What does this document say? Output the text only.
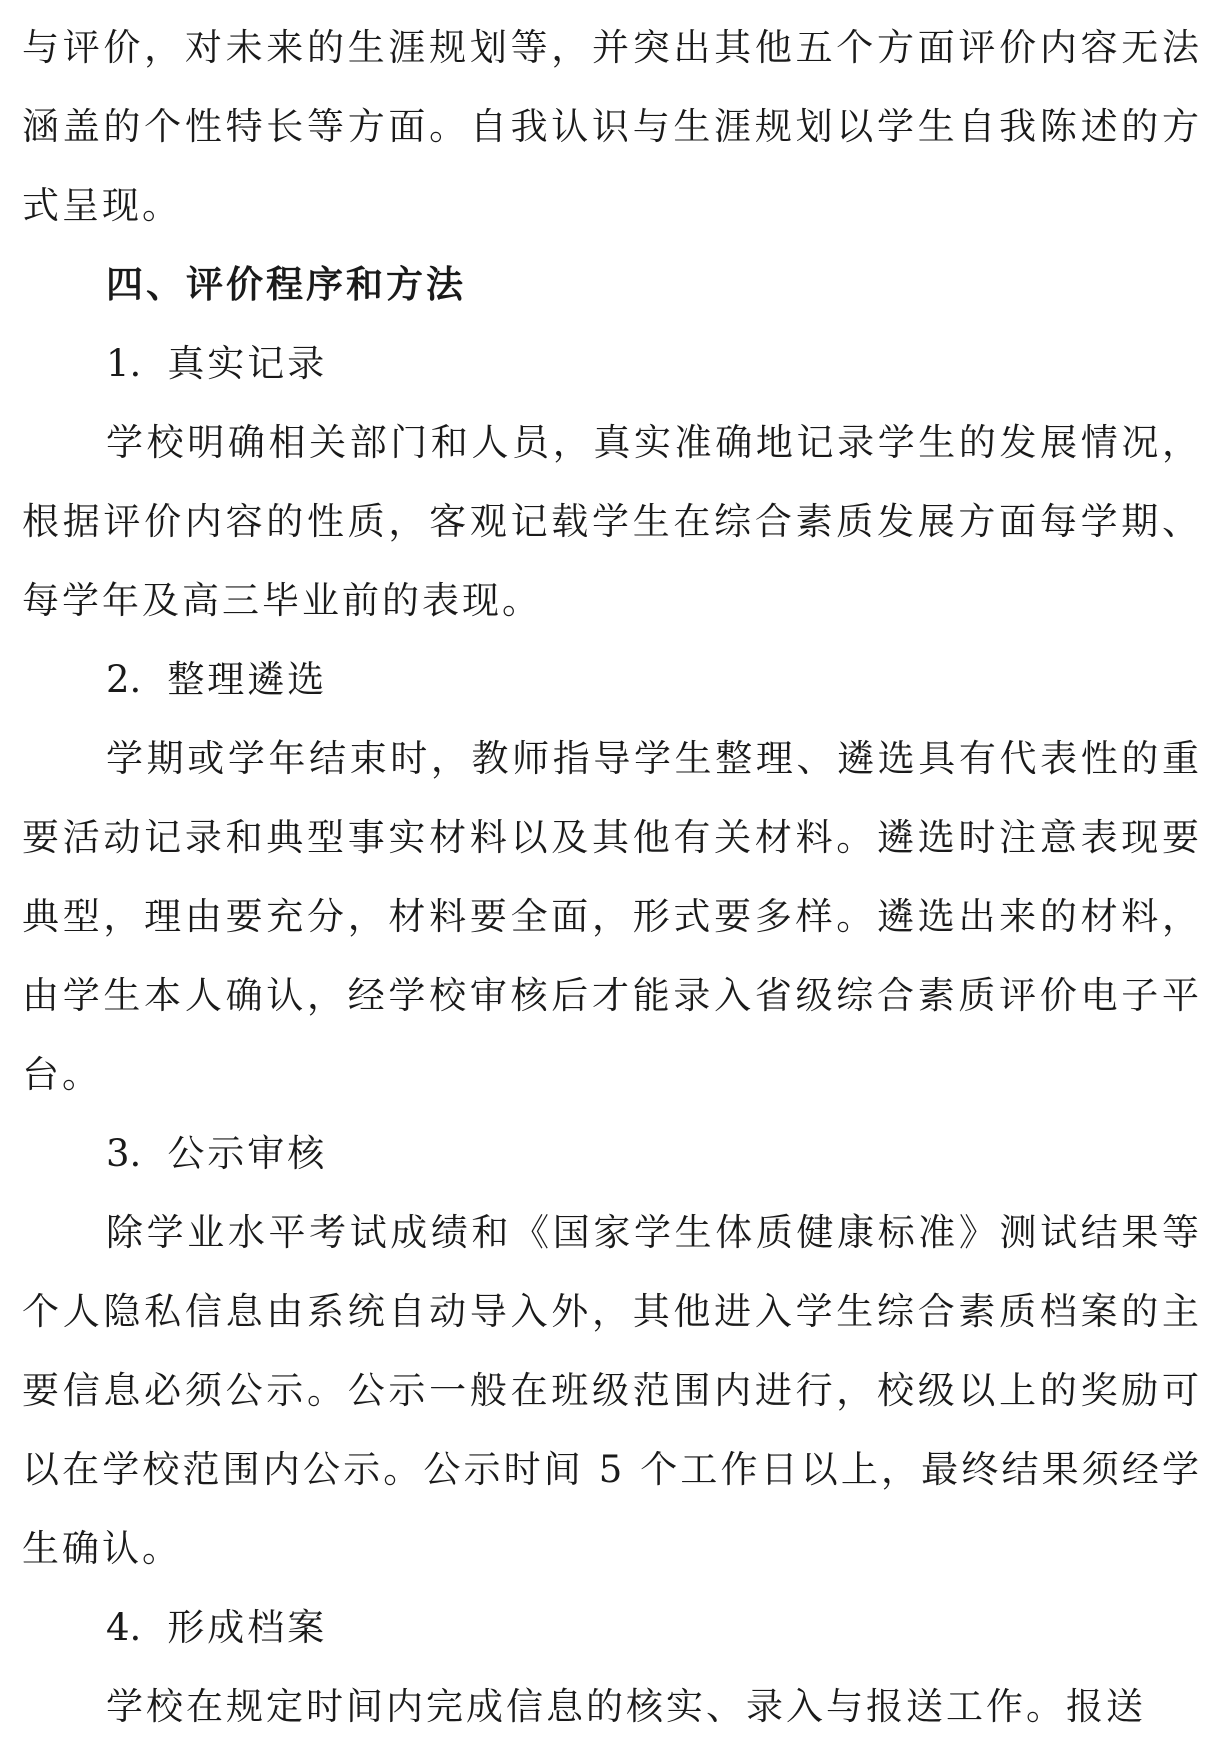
与评价，对未来的生涯规划等，并突出其他五个方面评价内容无法涵盖的个性特长等方面。自我认识与生涯规划以学生自我陈述的方式呈现。

四、评价程序和方法

1. 真实记录

学校明确相关部门和人员，真实准确地记录学生的发展情况，根据评价内容的性质，客观记载学生在综合素质发展方面每学期、每学年及高三毕业前的表现。

2. 整理遴选

学期或学年结束时，教师指导学生整理、遴选具有代表性的重要活动记录和典型事实材料以及其他有关材料。遴选时注意表现要典型，理由要充分，材料要全面，形式要多样。遴选出来的材料，由学生本人确认，经学校审核后才能录入省级综合素质评价电子平台。

3. 公示审核

除学业水平考试成绩和《国家学生体质健康标准》测试结果等个人隐私信息由系统自动导入外，其他进入学生综合素质档案的主要信息必须公示。公示一般在班级范围内进行，校级以上的奖励可以在学校范围内公示。公示时间 5 个工作日以上，最终结果须经学生确认。

4. 形成档案

学校在规定时间内完成信息的核实、录入与报送工作。报送
